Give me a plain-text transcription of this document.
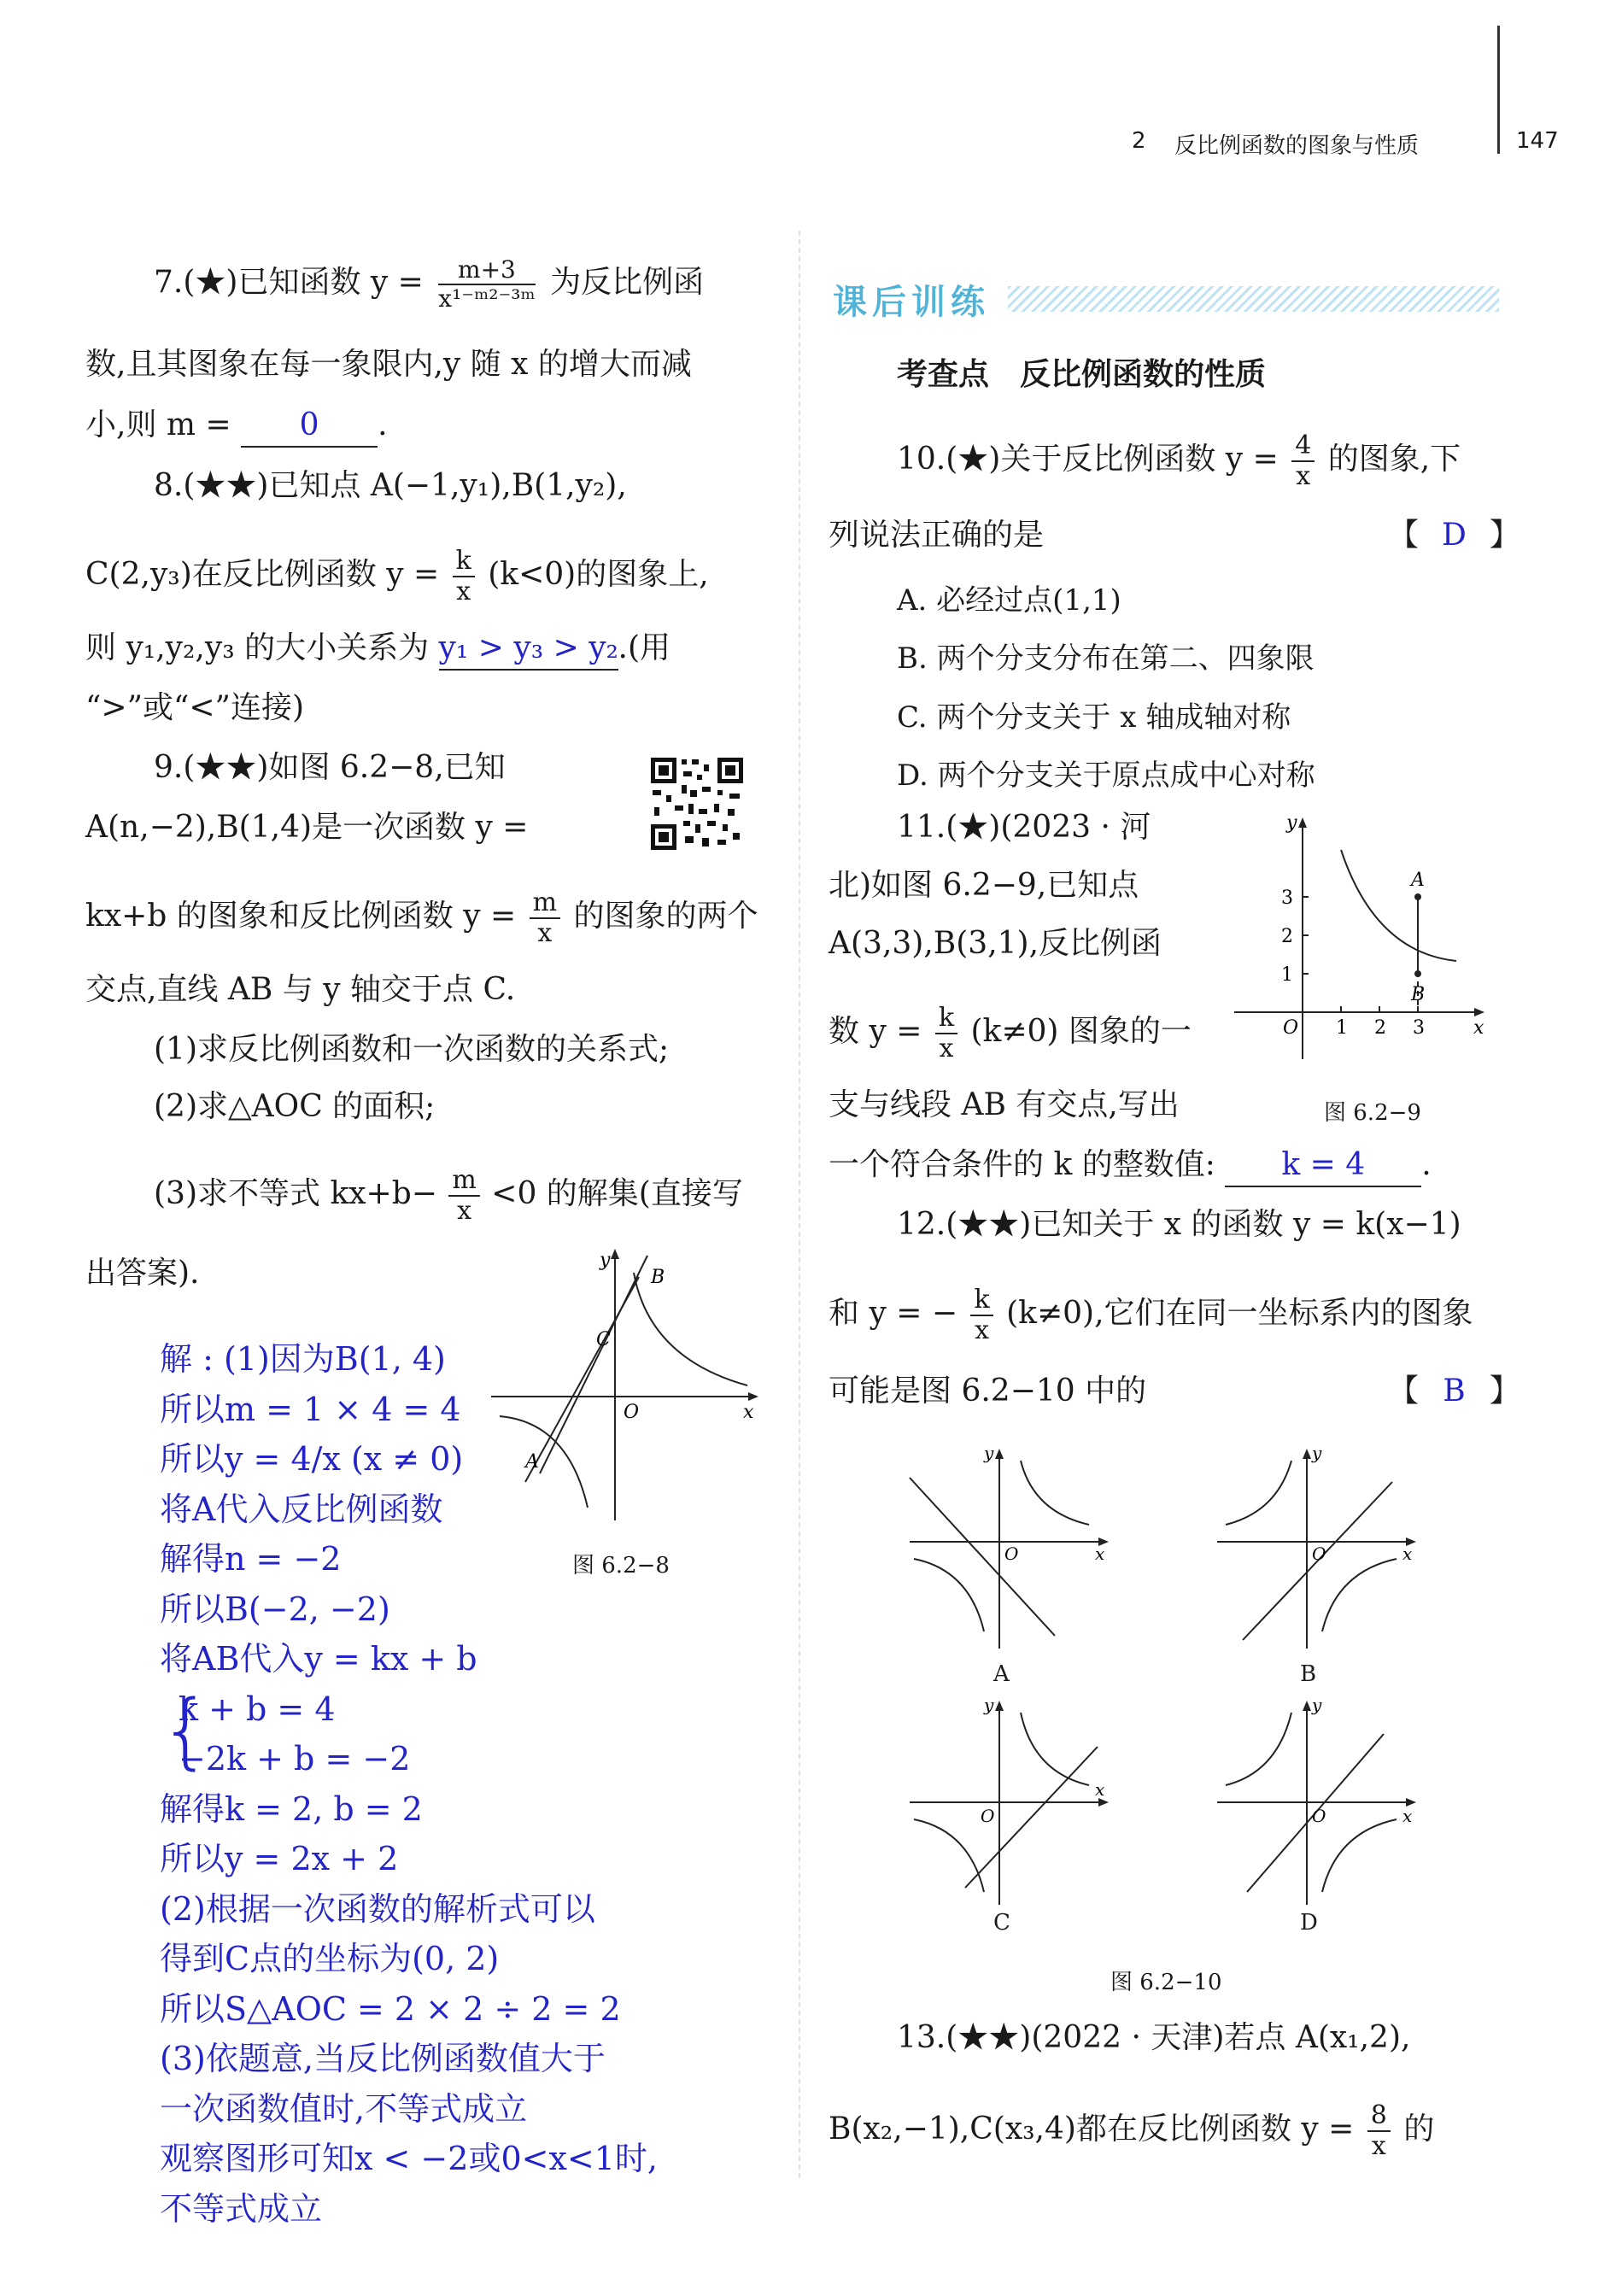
2 反比例函数的图象与性质	147
7.(★)已知函数 $y = \frac{m+3}{\text{x¹⁻ᵐ²⁻³ᵐ}}$ 为反比例函
数,且其图象在每一象限内,y 随 x 的增大而减
小,则 m = 0 .
8.(★★)已知点 A(−1,y₁),B(1,y₂),
C(2,y₃)在反比例函数 $y = \frac{k}{x} (k<0)$的图象上,
则 y₁,y₂,y₃ 的大小关系为 y₁ > y₃ > y₂.(用
“>”或“<”连接)
9.(★★)如图 6.2−8,已知
A(n,−2),B(1,4)是一次函数 y =
kx+b 的图象和反比例函数 $y = \frac{m}{x}$ 的图象的两个
交点,直线 AB 与 y 轴交于点 C.
(1)求反比例函数和一次函数的关系式;
(2)求△AOC 的面积;
(3)求不等式 $kx+b- \frac{m}{x} <0$ 的解集(直接写
出答案).	y
x
O
A
B
C
图 6.2−8
解 : (1)因为B(1, 4)
所以m = 1 × 4 = 4
所以y = 4/x (x ≠ 0)
将A代入反比例函数
解得n = −2
所以B(−2, −2)
将AB代入y = kx + b
{
k + b = 4
−2k + b = −2
解得k = 2, b = 2
所以y = 2x + 2
(2)根据一次函数的解析式可以
得到C点的坐标为(0, 2)
所以S△AOC = 2 × 2 ÷ 2 = 2
(3)依题意,当反比例函数值大于
一次函数值时,不等式成立
观察图形可知x < −2或0<x<1时,
不等式成立
课后训练
考查点　反比例函数的性质
10.(★)关于反比例函数 $y = \frac{4}{x}$ 的图象,下
列说法正确的是	【 D 】
A. 必经过点(1,1)
B. 两个分支分布在第二、四象限
C. 两个分支关于 x 轴成轴对称
D. 两个分支关于原点成中心对称
11.(★)(2023 · 河
北)如图 6.2−9,已知点
A(3,3),B(3,1),反比例函
数 $y = \frac{k}{x} (k\ne 0)$ 图象的一
支与线段 AB 有交点,写出
一个符合条件的 k 的整数值: k = 4 .
y
x
O 1 2 3
1
2
3
A
B
图 6.2−9
12.(★★)已知关于 x 的函数 y = k(x−1)
和 y = − $\frac{k}{x} (k\ne 0)$,它们在同一坐标系内的图象
可能是图 6.2−10 中的	【 B 】
y
x
O
A
y
x
O
B
y
x
O
C
y
x
O
D
图 6.2−10
13.(★★)(2022 · 天津)若点 A(x₁,2),
B(x₂,−1),C(x₃,4)都在反比例函数 $y = \frac{8}{x}$ 的
